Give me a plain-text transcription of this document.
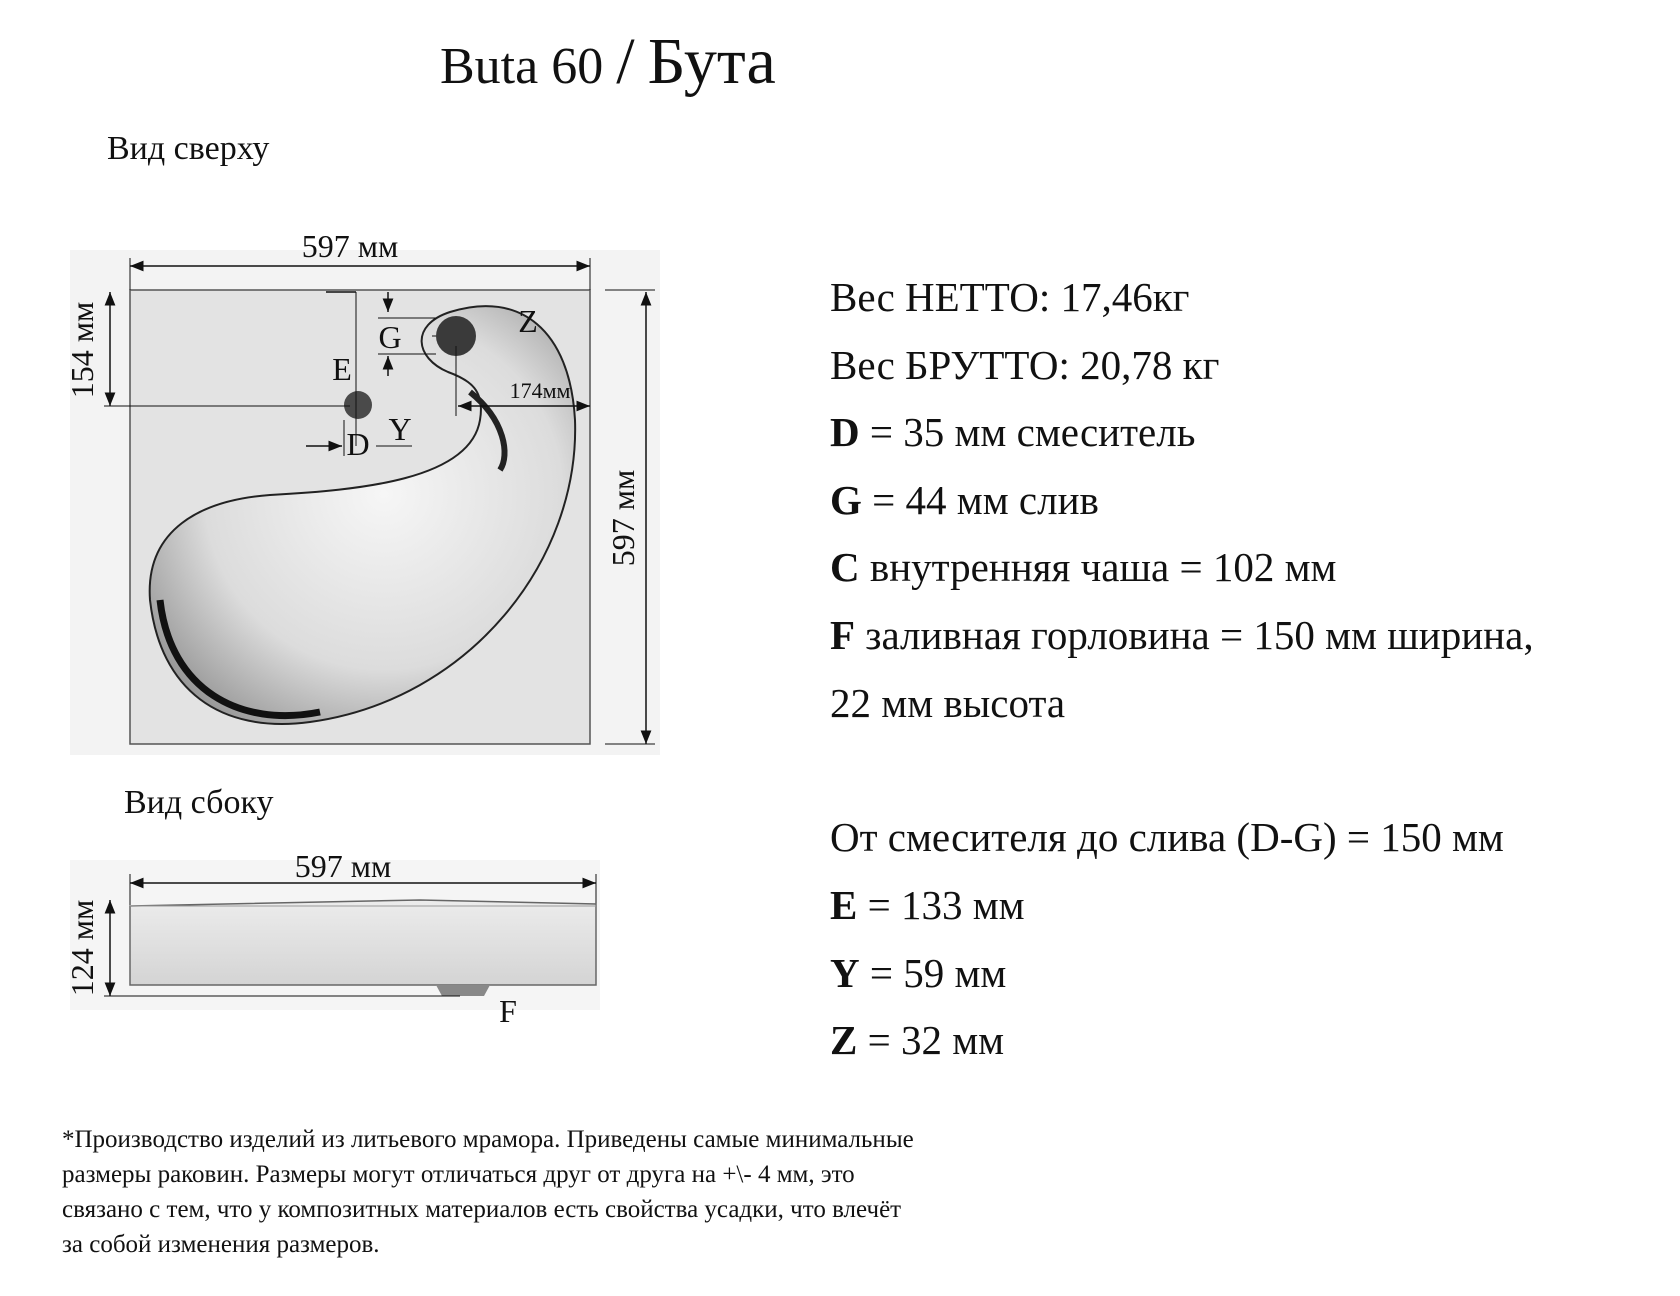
Buta 60 / Бута
Вид сверху
Вид сбоку
597 мм
597 мм
154 мм	E
G	Z
174мм
D Y
597 мм
124 мм
F
Вес НЕТТО: 17,46кг
Вес БРУТТО: 20,78 кг
D = 35 мм смеситель
G = 44 мм слив
C внутренняя чаша = 102 мм
F заливная горловина = 150 мм ширина,
22 мм высота
От смесителя до слива (D-G) = 150 мм
E = 133 мм
Y = 59 мм
Z = 32 мм
*Производство изделий из литьевого мрамора. Приведены самые минимальные
размеры раковин. Размеры могут отличаться друг от друга на +\- 4 мм, это
связано с тем, что у композитных материалов есть свойства усадки, что влечёт
за собой изменения размеров.
